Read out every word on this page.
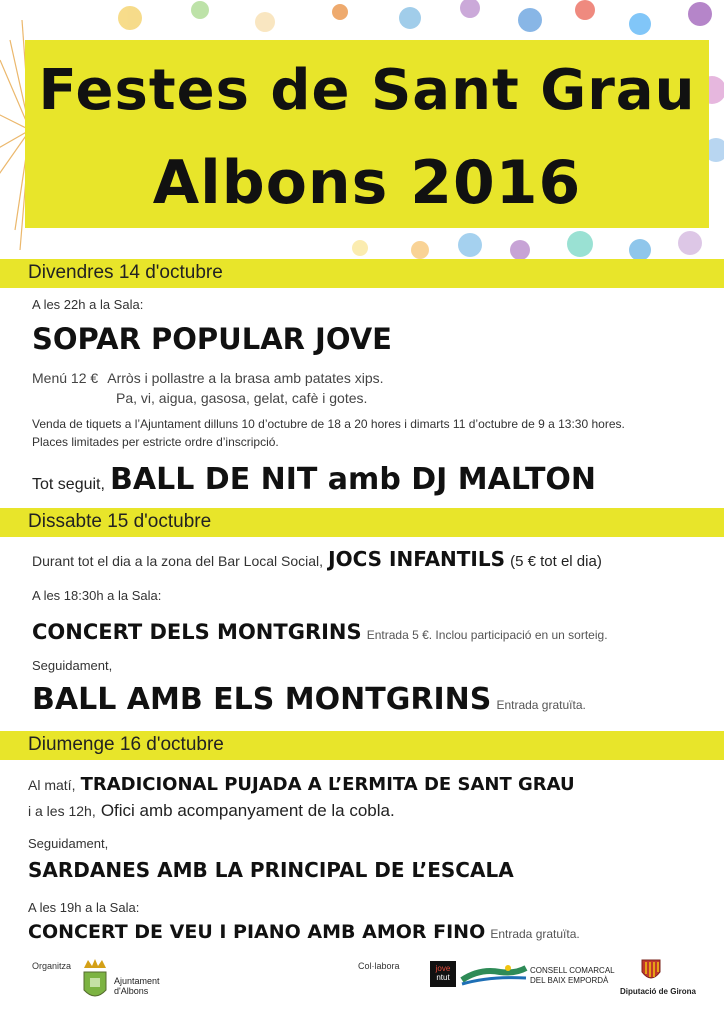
Festes de Sant Grau
Albons 2016
Divendres 14 d'octubre
A les 22h a la Sala:
SOPAR POPULAR JOVE
Menú 12 € Arròs i pollastre a la brasa amb patates xips.
Pa, vi, aigua, gasosa, gelat, cafè i gotes.
Venda de tiquets a l’Ajuntament dilluns 10 d’octubre de 18 a 20 hores i dimarts 11 d’octubre de 9 a 13:30 hores.
Places limitades per estricte ordre d’inscripció.
Tot seguit, BALL DE NIT amb DJ MALTON
Dissabte 15 d'octubre
Durant tot el dia a la zona del Bar Local Social, JOCS INFANTILS (5 € tot el dia)
A les 18:30h a la Sala:
CONCERT DELS MONTGRINS Entrada 5 €. Inclou participació en un sorteig.
Seguidament,
BALL AMB ELS MONTGRINS Entrada gratuïta.
Diumenge 16 d'octubre
Al matí, TRADICIONAL PUJADA A L’ERMITA DE SANT GRAU
i a les 12h, Ofici amb acompanyament de la cobla.
Seguidament,
SARDANES AMB LA PRINCIPAL DE L’ESCALA
A les 19h a la Sala:
CONCERT DE VEU I PIANO AMB AMOR FINO Entrada gratuïta.
Organitza
Ajuntament
d'Albons
Col·labora	jove
ntut
CONSELL COMARCAL
DEL BAIX EMPORDÀ
Diputació de Girona
